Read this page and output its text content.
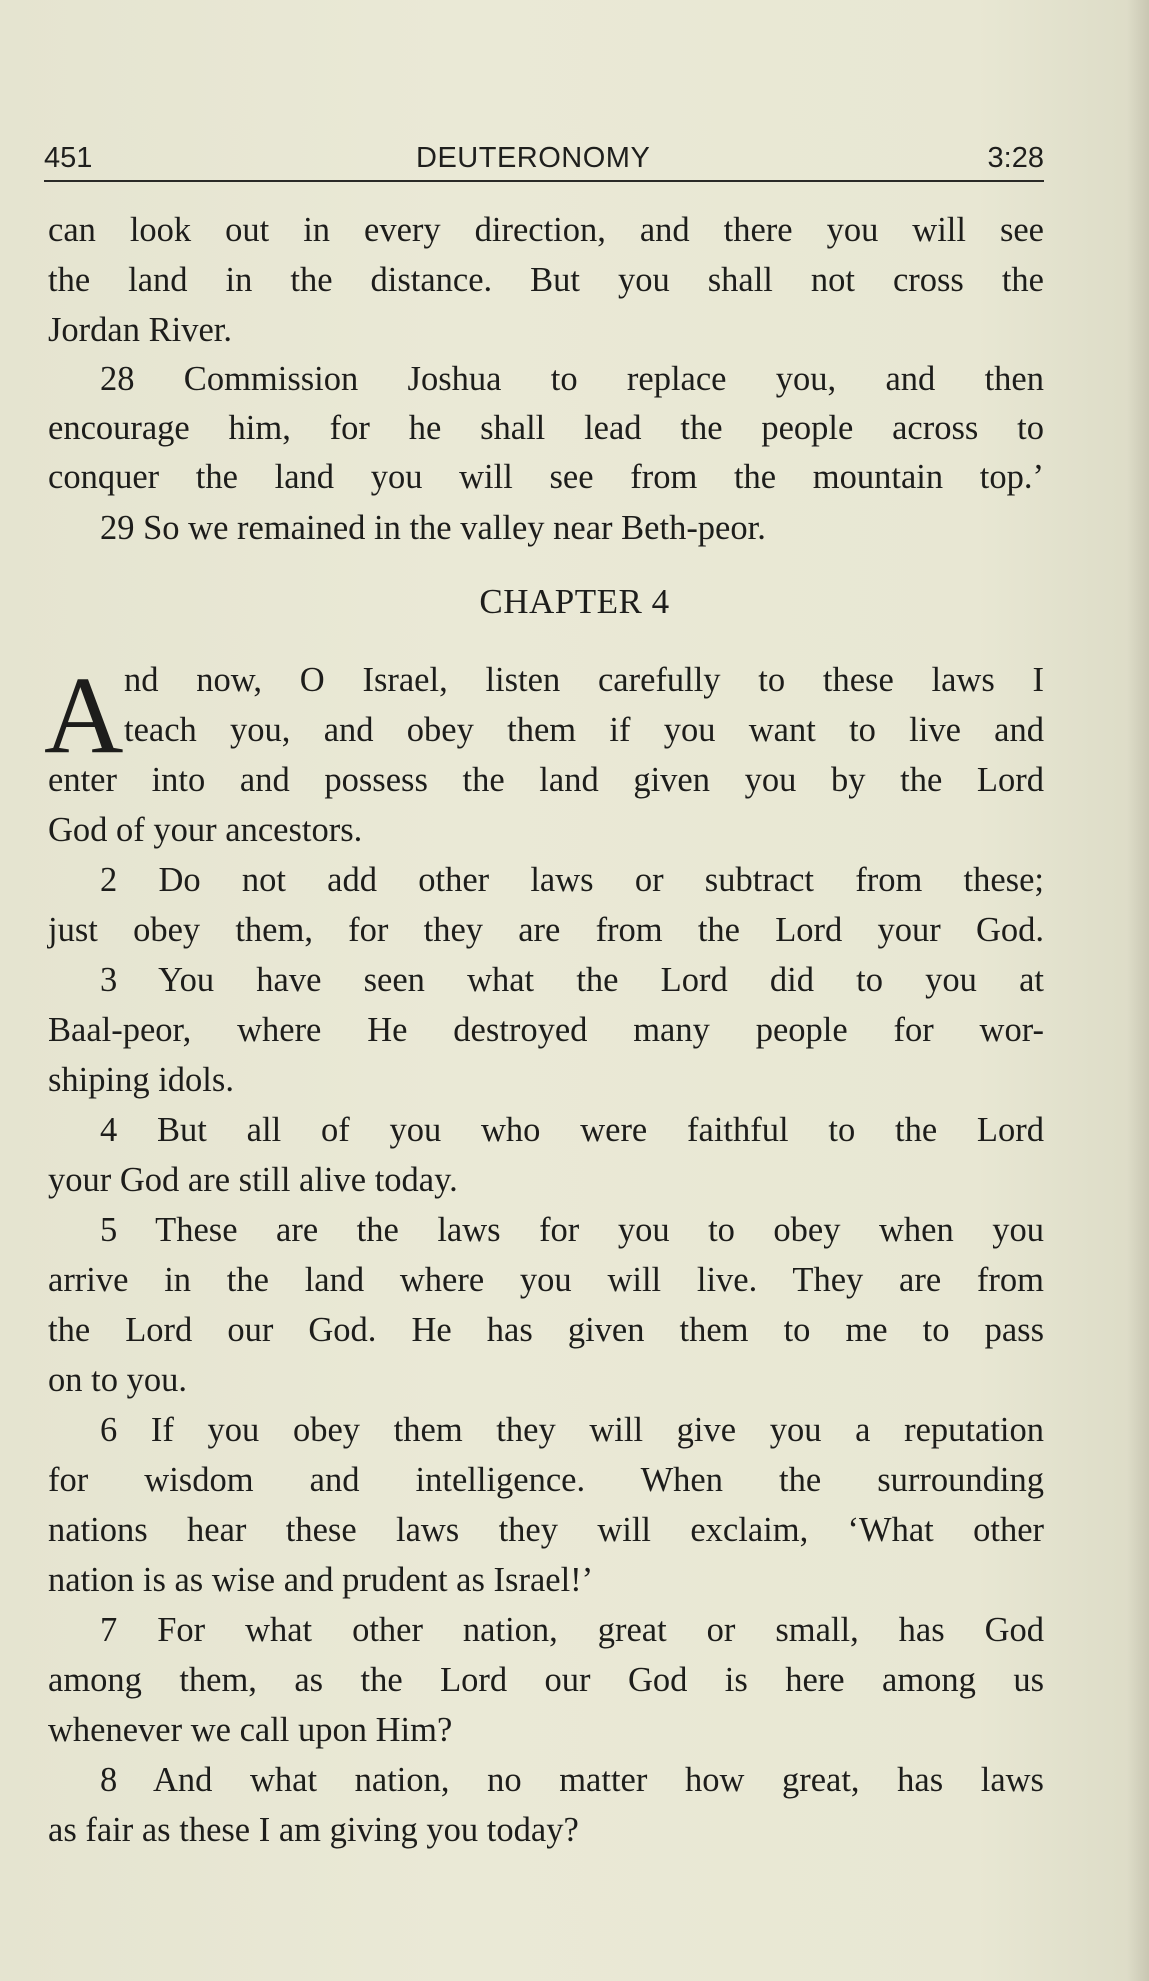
451	DEUTERONOMY	3:28
can look out in every direction, and there you will see
the land in the distance. But you shall not cross the
Jordan River.
28 Commission Joshua to replace you, and then
encourage him, for he shall lead the people across to
conquer the land you will see from the mountain top.’
29 So we remained in the valley near Beth-peor.
CHAPTER 4
A nd now, O Israel, listen carefully to these laws I
teach you, and obey them if you want to live and
enter into and possess the land given you by the Lord
God of your ancestors.
2 Do not add other laws or subtract from these;
just obey them, for they are from the Lord your God.
3 You have seen what the Lord did to you at
Baal-peor, where He destroyed many people for wor-
shiping idols.
4 But all of you who were faithful to the Lord
your God are still alive today.
5 These are the laws for you to obey when you
arrive in the land where you will live. They are from
the Lord our God. He has given them to me to pass
on to you.
6 If you obey them they will give you a reputation
for wisdom and intelligence. When the surrounding
nations hear these laws they will exclaim, ‘What other
nation is as wise and prudent as Israel!’
7 For what other nation, great or small, has God
among them, as the Lord our God is here among us
whenever we call upon Him?
8 And what nation, no matter how great, has laws
as fair as these I am giving you today?
